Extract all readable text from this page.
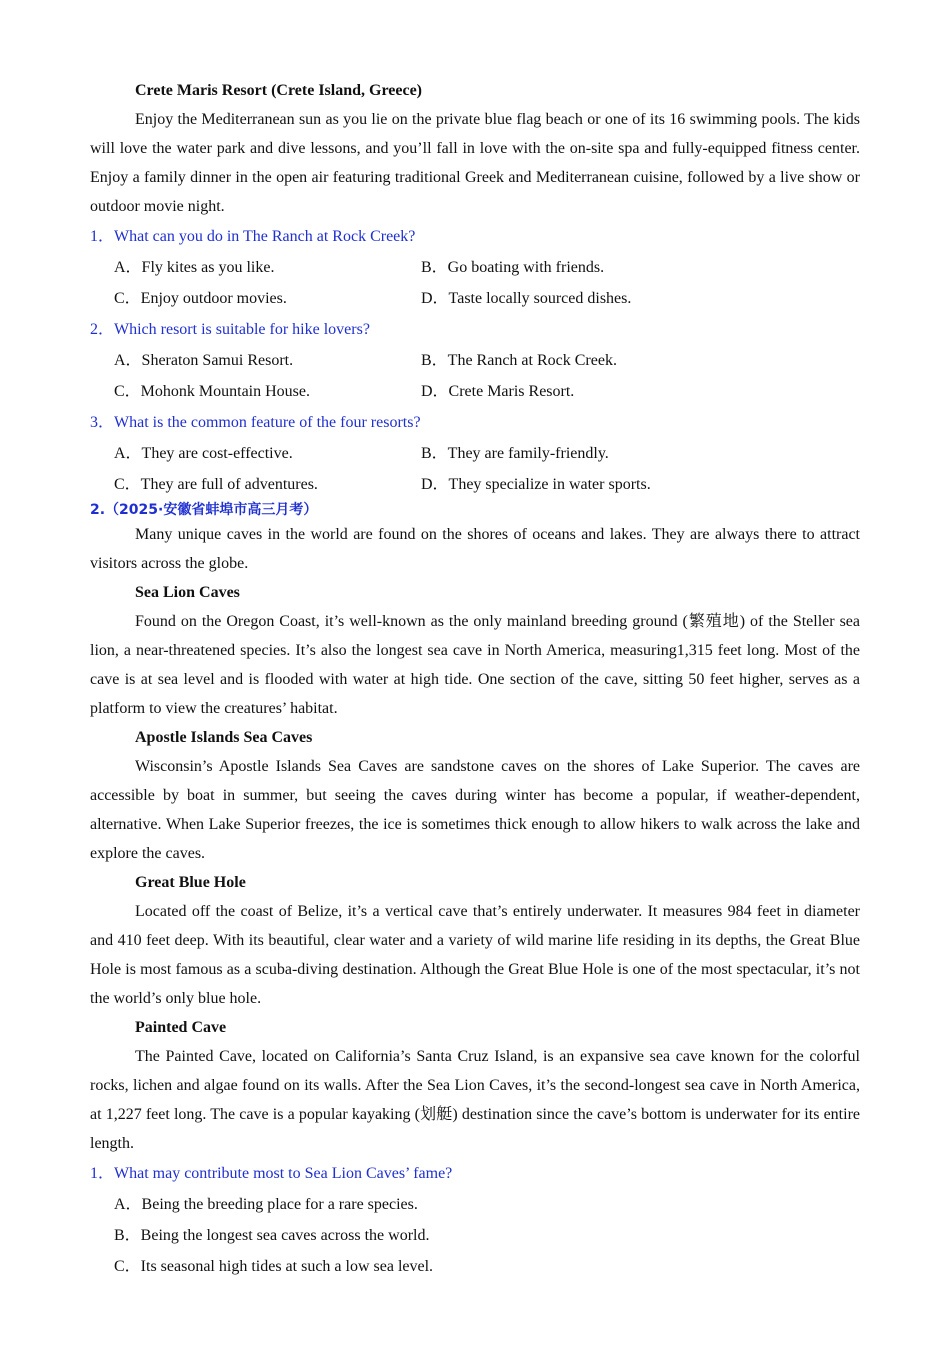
Crete Maris Resort (Crete Island, Greece)

Enjoy the Mediterranean sun as you lie on the private blue flag beach or one of its 16 swimming pools. The kids will love the water park and dive lessons, and you’ll fall in love with the on-site spa and fully-equipped fitness center. Enjoy a family dinner in the open air featuring traditional Greek and Mediterranean cuisine, followed by a live show or outdoor movie night.

1．What can you do in The Ranch at Rock Creek?
A．Fly kites as you like.	B．Go boating with friends.
C．Enjoy outdoor movies.	D．Taste locally sourced dishes.
2．Which resort is suitable for hike lovers?
A．Sheraton Samui Resort.	B．The Ranch at Rock Creek.
C．Mohonk Mountain House.	D．Crete Maris Resort.
3．What is the common feature of the four resorts?
A．They are cost-effective.	B．They are family-friendly.
C．They are full of adventures.	D．They specialize in water sports.
2.（2025·安徽省蚌埠市高三月考）

Many unique caves in the world are found on the shores of oceans and lakes. They are always there to attract visitors across the globe.

Sea Lion Caves

Found on the Oregon Coast, it’s well-known as the only mainland breeding ground (繁殖地) of the Steller sea lion, a near-threatened species. It’s also the longest sea cave in North America, measuring1,315 feet long. Most of the cave is at sea level and is flooded with water at high tide. One section of the cave, sitting 50 feet higher, serves as a platform to view the creatures’ habitat.

Apostle Islands Sea Caves

Wisconsin’s Apostle Islands Sea Caves are sandstone caves on the shores of Lake Superior. The caves are accessible by boat in summer, but seeing the caves during winter has become a popular, if weather-dependent, alternative. When Lake Superior freezes, the ice is sometimes thick enough to allow hikers to walk across the lake and explore the caves.

Great Blue Hole

Located off the coast of Belize, it’s a vertical cave that’s entirely underwater. It measures 984 feet in diameter and 410 feet deep. With its beautiful, clear water and a variety of wild marine life residing in its depths, the Great Blue Hole is most famous as a scuba-diving destination. Although the Great Blue Hole is one of the most spectacular, it’s not the world’s only blue hole.

Painted Cave

The Painted Cave, located on California’s Santa Cruz Island, is an expansive sea cave known for the colorful rocks, lichen and algae found on its walls. After the Sea Lion Caves, it’s the second-longest sea cave in North America, at 1,227 feet long. The cave is a popular kayaking (划艇) destination since the cave’s bottom is underwater for its entire length.

1．What may contribute most to Sea Lion Caves’ fame?
A．Being the breeding place for a rare species.
B．Being the longest sea caves across the world.
C．Its seasonal high tides at such a low sea level.
